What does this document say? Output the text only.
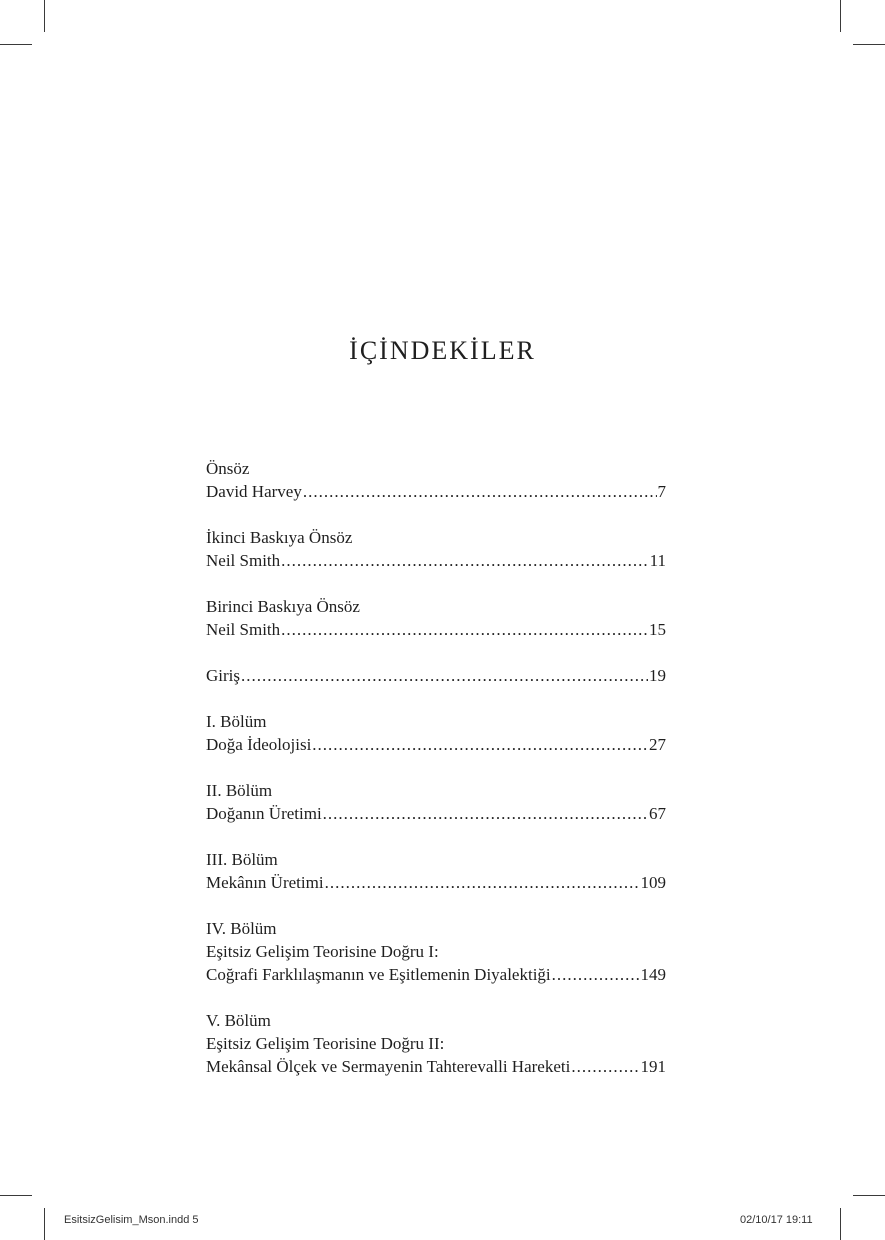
İÇİNDEKİLER
Önsöz
David Harvey .....	7
İkinci Baskıya Önsöz
Neil Smith .....	11
Birinci Baskıya Önsöz
Neil Smith .....	15
Giriş .....	19
I. Bölüm
Doğa İdeolojisi .....	27
II. Bölüm
Doğanın Üretimi .....	67
III. Bölüm
Mekânın Üretimi .....	109
IV. Bölüm
Eşitsiz Gelişim Teorisine Doğru I:
Coğrafi Farklılaşmanın ve Eşitlemenin Diyalektiği .....	149
V. Bölüm
Eşitsiz Gelişim Teorisine Doğru II:
Mekânsal Ölçek ve Sermayenin Tahterevalli Hareketi .....	191
EsitsizGelisim_Mson.indd 5	02/10/17 19:11
